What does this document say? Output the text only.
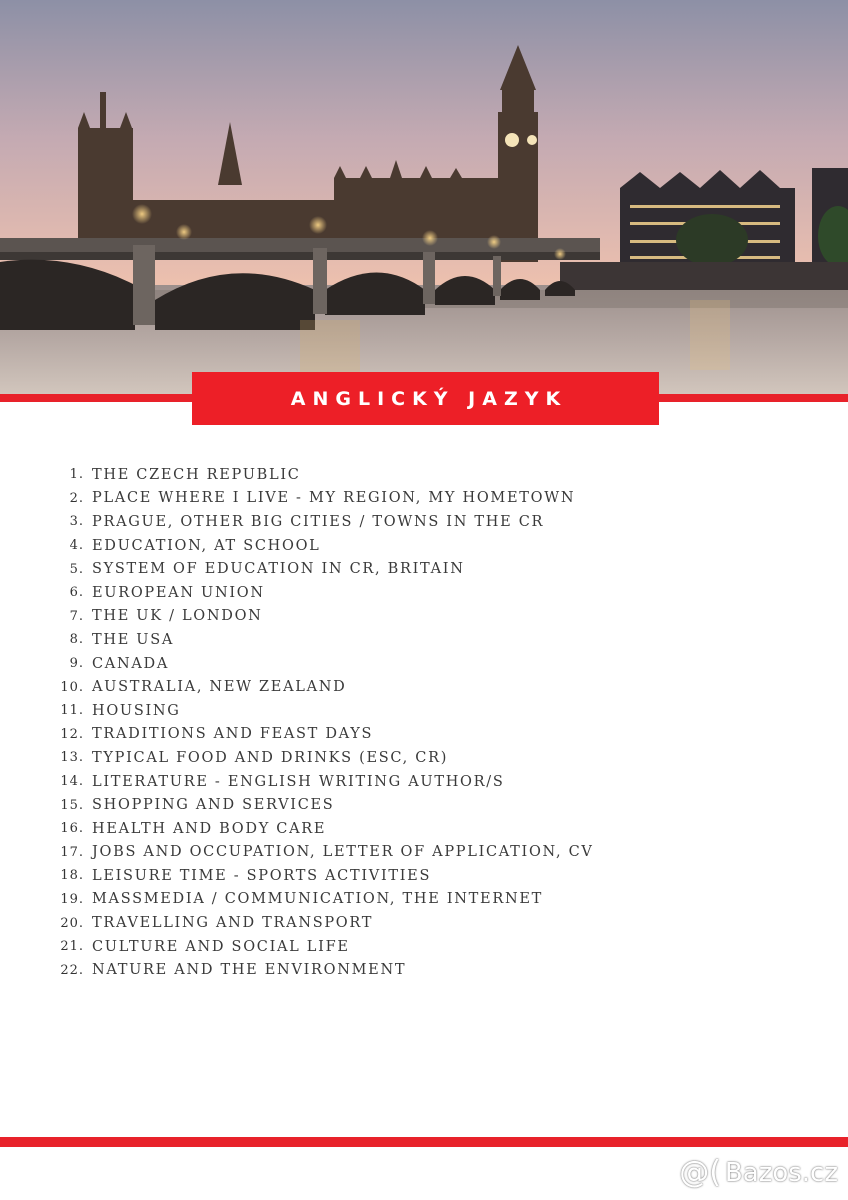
ANGLICKÝ JAZYK
1. THE CZECH REPUBLIC
2. PLACE WHERE I LIVE - MY REGION, MY HOMETOWN
3. PRAGUE, OTHER BIG CITIES / TOWNS IN THE CR
4. EDUCATION, AT SCHOOL
5. SYSTEM OF EDUCATION IN CR, BRITAIN
6. EUROPEAN UNION
7. THE UK / LONDON
8. THE USA
9. CANADA
10. AUSTRALIA, NEW ZEALAND
11. HOUSING
12. TRADITIONS AND FEAST DAYS
13. TYPICAL FOOD AND DRINKS (ESC, CR)
14. LITERATURE - ENGLISH WRITING AUTHOR/S
15. SHOPPING AND SERVICES
16. HEALTH AND BODY CARE
17. JOBS AND OCCUPATION, LETTER OF APPLICATION, CV
18. LEISURE TIME - SPORTS ACTIVITIES
19. MASSMEDIA / COMMUNICATION, THE INTERNET
20. TRAVELLING AND TRANSPORT
21. CULTURE AND SOCIAL LIFE
22. NATURE AND THE ENVIRONMENT
@( Bazos.cz
